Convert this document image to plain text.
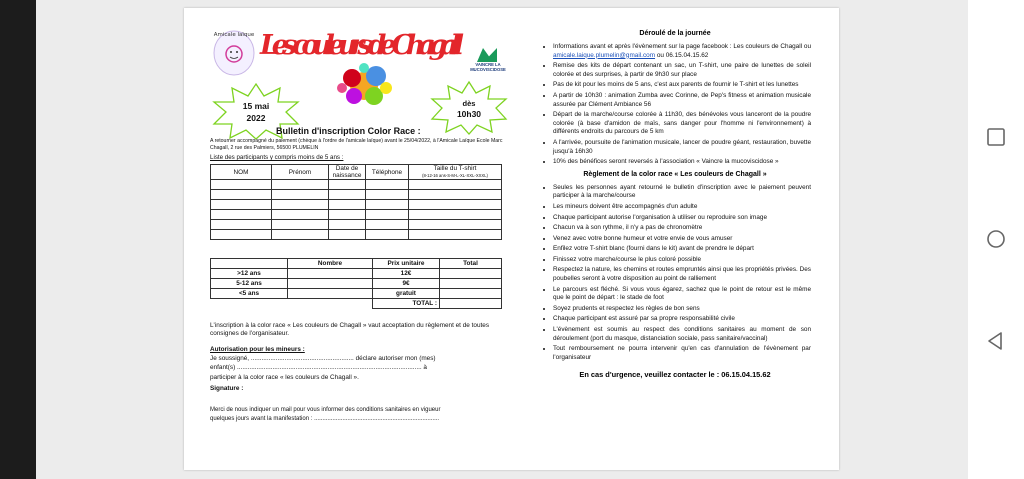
Amicale laïque Les couleurs de Chagall
VAINCRE LA MUCOVISCIDOSE
15 mai
2022
dès
10h30
Bulletin d'inscription Color Race :
A retourner accompagné du paiement (chèque à l'ordre de l'amicale laïque) avant le 25/04/2022, à l'Amicale Laïque Ecole Marc Chagall, 2 rue des Palmiers, 56500 PLUMELIN
Liste des participants y compris moins de 5 ans :
NOM	Prénom	Date de naissance	Téléphone	Taille du T-shirt
(8-12-16 ans-S-M-L-XL-XXL-XXXL)

	Nombre	Prix unitaire	Total
>12 ans		12€	
5-12 ans		9€	
<5 ans		gratuit	
		TOTAL :	
L'inscription à la color race « Les couleurs de Chagall » vaut acceptation du règlement et de toutes consignes de l'organisateur.
Autorisation pour les mineurs :
Je soussigné, .......................................................... déclare autoriser mon (mes)
enfant(s) ........................................................................................................ à
participer à la color race « les couleurs de Chagall ».
Signature :
Merci de nous indiquer un mail pour vous informer des conditions sanitaires en vigueur
quelques jours avant la manifestation : ...........................................................................
Déroulé de la journée
• Informations avant et après l'évènement sur la page facebook : Les couleurs de Chagall ou amicale.laique.plumelin@gmail.com ou 06.15.04.15.62
• Remise des kits de départ contenant un sac, un T-shirt, une paire de lunettes de soleil colorée et des surprises, à partir de 9h30 sur place
• Pas de kit pour les moins de 5 ans, c'est aux parents de fournir le T-shirt et les lunettes
• A partir de 10h30 : animation Zumba avec Corinne, de Pep's fitness et animation musicale assurée par Clément Ambiance 56
• Départ de la marche/course colorée à 11h30, des bénévoles vous lanceront de la poudre colorée (à base d'amidon de maïs, sans danger pour l'homme ni l'environnement) à différents endroits du parcours de 5 km
• A l'arrivée, poursuite de l'animation musicale, lancer de poudre géant, restauration, buvette jusqu'à 16h30
• 10% des bénéfices seront reversés à l'association « Vaincre la mucoviscidose »
Règlement de la color race « Les couleurs de Chagall »
• Seules les personnes ayant retourné le bulletin d'inscription avec le paiement peuvent participer à la marche/course
• Les mineurs doivent être accompagnés d'un adulte
• Chaque participant autorise l'organisation à utiliser ou reproduire son image
• Chacun va à son rythme, il n'y a pas de chronomètre
• Venez avec votre bonne humeur et votre envie de vous amuser
• Enfilez votre T-shirt blanc (fourni dans le kit) avant de prendre le départ
• Finissez votre marche/course le plus coloré possible
• Respectez la nature, les chemins et routes empruntés ainsi que les propriétés privées. Des poubelles seront à votre disposition au point de ralliement
• Le parcours est fléché. Si vous vous égarez, sachez que le point de retour est le même que le point de départ : le stade de foot
• Soyez prudents et respectez les règles de bon sens
• Chaque participant est assuré par sa propre responsabilité civile
• L'évènement est soumis au respect des conditions sanitaires au moment de son déroulement (port du masque, distanciation sociale, pass sanitaire/vaccinal)
• Tout remboursement ne pourra intervenir qu'en cas d'annulation de l'évènement par l'organisateur
En cas d'urgence, veuillez contacter le : 06.15.04.15.62
